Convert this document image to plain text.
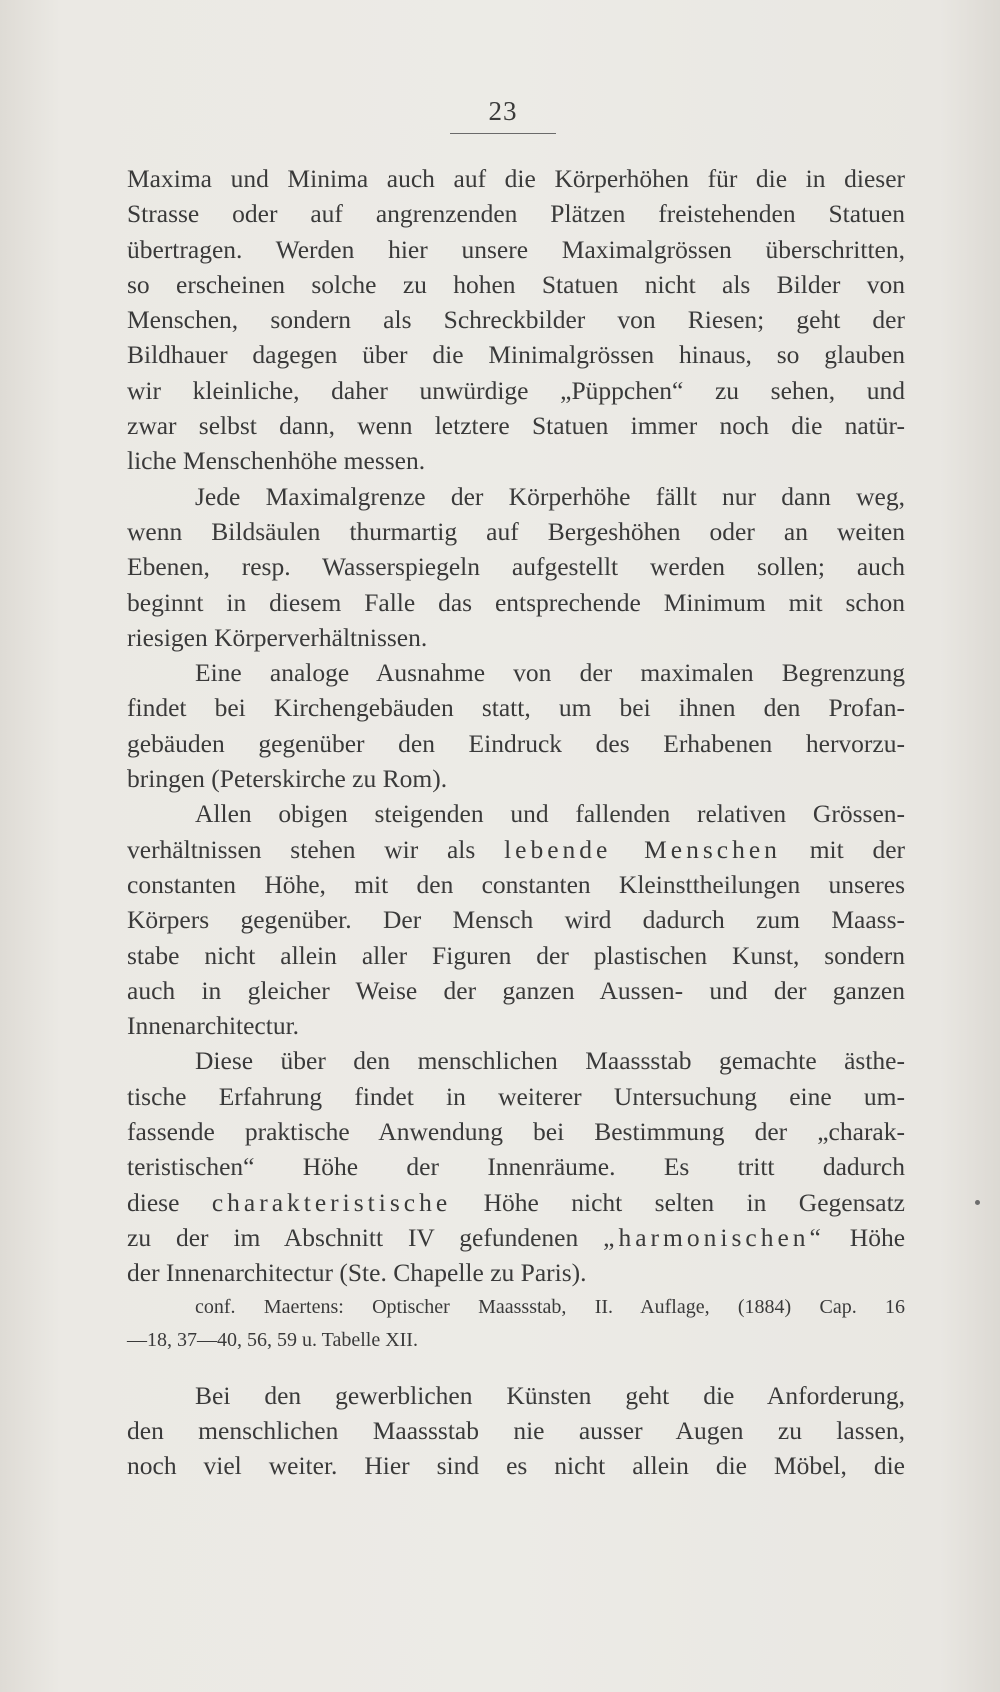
23
Maxima und Minima auch auf die Körperhöhen für die in dieser
Strasse oder auf angrenzenden Plätzen freistehenden Statuen
übertragen. Werden hier unsere Maximalgrössen überschritten,
so erscheinen solche zu hohen Statuen nicht als Bilder von
Menschen, sondern als Schreckbilder von Riesen; geht der
Bildhauer dagegen über die Minimalgrössen hinaus, so glauben
wir kleinliche, daher unwürdige „Püppchen“ zu sehen, und
zwar selbst dann, wenn letztere Statuen immer noch die natür-
liche Menschenhöhe messen.
Jede Maximalgrenze der Körperhöhe fällt nur dann weg,
wenn Bildsäulen thurmartig auf Bergeshöhen oder an weiten
Ebenen, resp. Wasserspiegeln aufgestellt werden sollen; auch
beginnt in diesem Falle das entsprechende Minimum mit schon
riesigen Körperverhältnissen.
Eine analoge Ausnahme von der maximalen Begrenzung
findet bei Kirchengebäuden statt, um bei ihnen den Profan-
gebäuden gegenüber den Eindruck des Erhabenen hervorzu-
bringen (Peterskirche zu Rom).
Allen obigen steigenden und fallenden relativen Grössen-
verhältnissen stehen wir als lebende Menschen mit der
constanten Höhe, mit den constanten Kleinsttheilungen unseres
Körpers gegenüber. Der Mensch wird dadurch zum Maass-
stabe nicht allein aller Figuren der plastischen Kunst, sondern
auch in gleicher Weise der ganzen Aussen- und der ganzen
Innenarchitectur.
Diese über den menschlichen Maassstab gemachte ästhe-
tische Erfahrung findet in weiterer Untersuchung eine um-
fassende praktische Anwendung bei Bestimmung der „charak-
teristischen“ Höhe der Innenräume. Es tritt dadurch
diese charakteristische Höhe nicht selten in Gegensatz
zu der im Abschnitt IV gefundenen „harmonischen“ Höhe
der Innenarchitectur (Ste. Chapelle zu Paris).
conf. Maertens: Optischer Maassstab, II. Auflage, (1884) Cap. 16
—18, 37—40, 56, 59 u. Tabelle XII.
Bei den gewerblichen Künsten geht die Anforderung,
den menschlichen Maassstab nie ausser Augen zu lassen,
noch viel weiter. Hier sind es nicht allein die Möbel, die
